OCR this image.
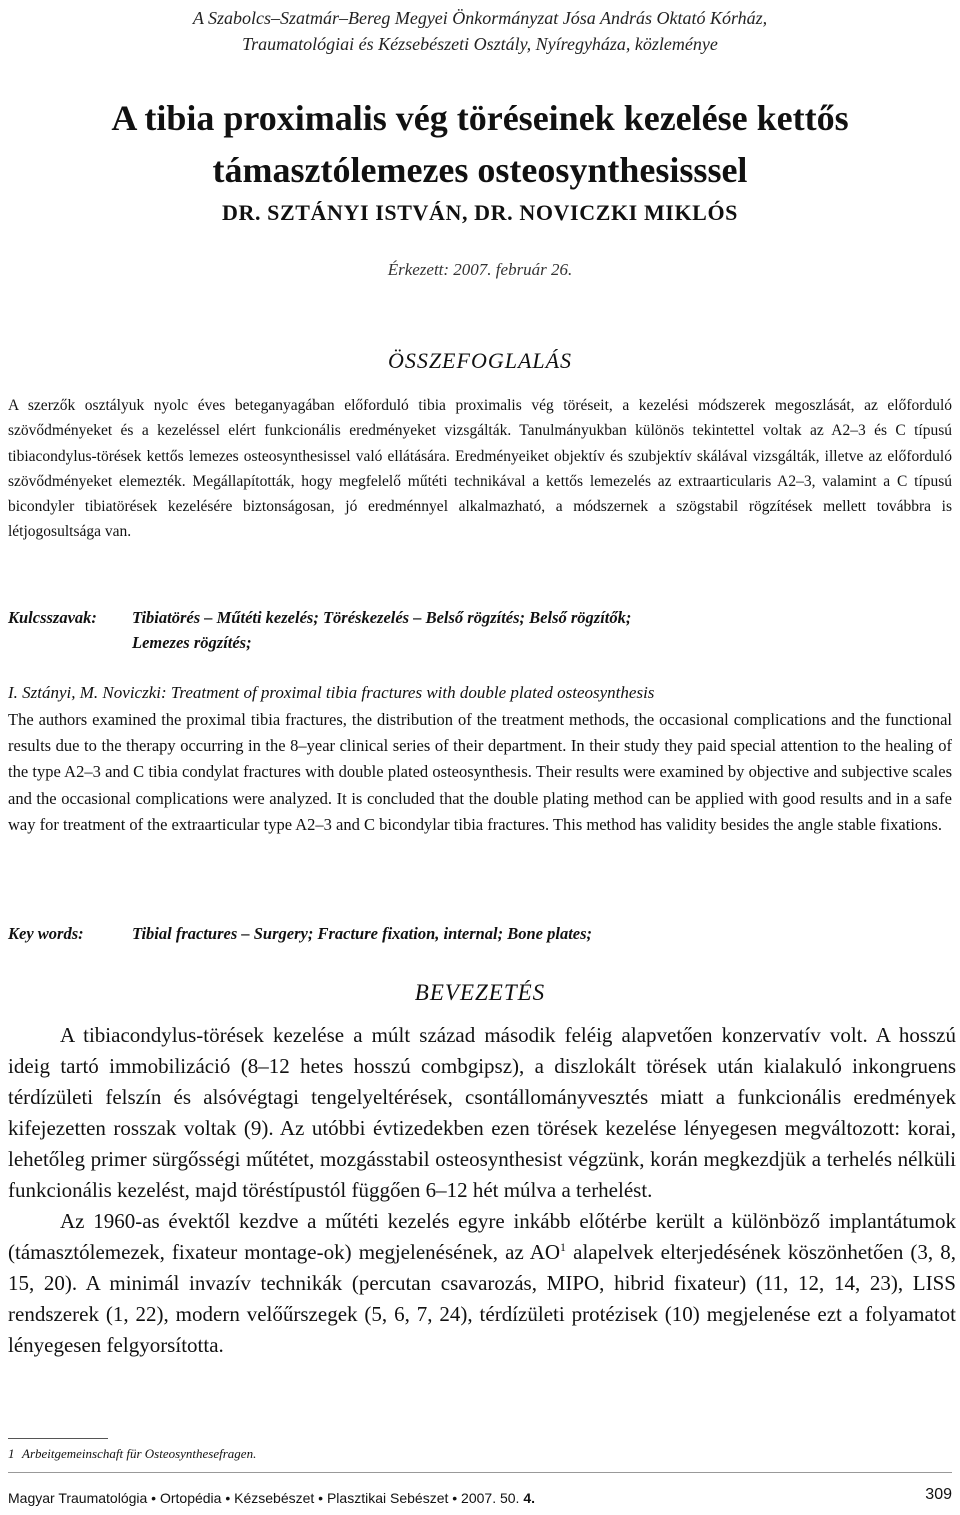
A Szabolcs–Szatmár–Bereg Megyei Önkormányzat Jósa András Oktató Kórház,
Traumatológiai és Kézsebészeti Osztály, Nyíregyháza, közleménye
A tibia proximalis vég töréseinek kezelése kettős
támasztólemezes osteosynthesisssel
DR. SZTÁNYI ISTVÁN, DR. NOVICZKI MIKLÓS
Érkezett: 2007. február 26.
ÖSSZEFOGLALÁS
A szerzők osztályuk nyolc éves beteganyagában előforduló tibia proximalis vég töréseit, a kezelési módszerek megoszlását, az előforduló szövődményeket és a kezeléssel elért funkcionális eredményeket vizsgálták. Tanulmányukban különös tekintettel voltak az A2–3 és C típusú tibiacondylus-törések kettős lemezes osteosynthesissel való ellátására. Eredményeiket objektív és szubjektív skálával vizsgálták, illetve az előforduló szövődményeket elemezték. Megállapították, hogy megfelelő műtéti technikával a kettős lemezelés az extraarticularis A2–3, valamint a C típusú bicondyler tibiatörések kezelésére biztonságosan, jó eredménnyel alkalmazható, a módszernek a szögstabil rögzítések mellett továbbra is létjogosultsága van.
Kulcsszavak: Tibiatörés – Műtéti kezelés; Töréskezelés – Belső rögzítés; Belső rögzítők;
Lemezes rögzítés;
I. Sztányi, M. Noviczki: Treatment of proximal tibia fractures with double plated osteosynthesis
The authors examined the proximal tibia fractures, the distribution of the treatment methods, the occasional complications and the functional results due to the therapy occurring in the 8–year clinical series of their department. In their study they paid special attention to the healing of the type A2–3 and C tibia condylat fractures with double plated osteosynthesis. Their results were examined by objective and subjective scales and the occasional complications were analyzed. It is concluded that the double plating method can be applied with good results and in a safe way for treatment of the extraarticular type A2–3 and C bicondylar tibia fractures. This method has validity besides the angle stable fixations.
Key words:	Tibial fractures – Surgery; Fracture fixation, internal; Bone plates;
BEVEZETÉS

A tibiacondylus-törések kezelése a múlt század második feléig alapvetően konzervatív volt. A hosszú ideig tartó immobilizáció (8–12 hetes hosszú combgipsz), a diszlokált törések után kialakuló inkongruens térdízületi felszín és alsóvégtagi tengelyeltérések, csontállományvesztés miatt a funkcionális eredmények kifejezetten rosszak voltak (9). Az utóbbi évtizedekben ezen törések kezelése lényegesen megváltozott: korai, lehetőleg primer sürgősségi műtétet, mozgásstabil osteosynthesist végzünk, korán megkezdjük a terhelés nélküli funkcionális kezelést, majd töréstípustól függően 6–12 hét múlva a terhelést.

Az 1960-as évektől kezdve a műtéti kezelés egyre inkább előtérbe került a különböző implantátumok (támasztólemezek, fixateur montage-ok) megjelenésének, az $AO^1$ alapelvek elterjedésének köszönhetően (3, 8, 15, 20). A minimál invazív technikák (percutan csavarozás, MIPO, hibrid fixateur) (11, 12, 14, 23), LISS rendszerek (1, 22), modern velőűrszegek (5, 6, 7, 24), térdízületi protézisek (10) megjelenése ezt a folyamatot lényegesen felgyorsította.

1 Arbeitgemeinschaft für Osteosynthesefragen.
Magyar Traumatológia • Ortopédia • Kézsebészet • Plasztikai Sebészet • 2007. 50. 4.	309
